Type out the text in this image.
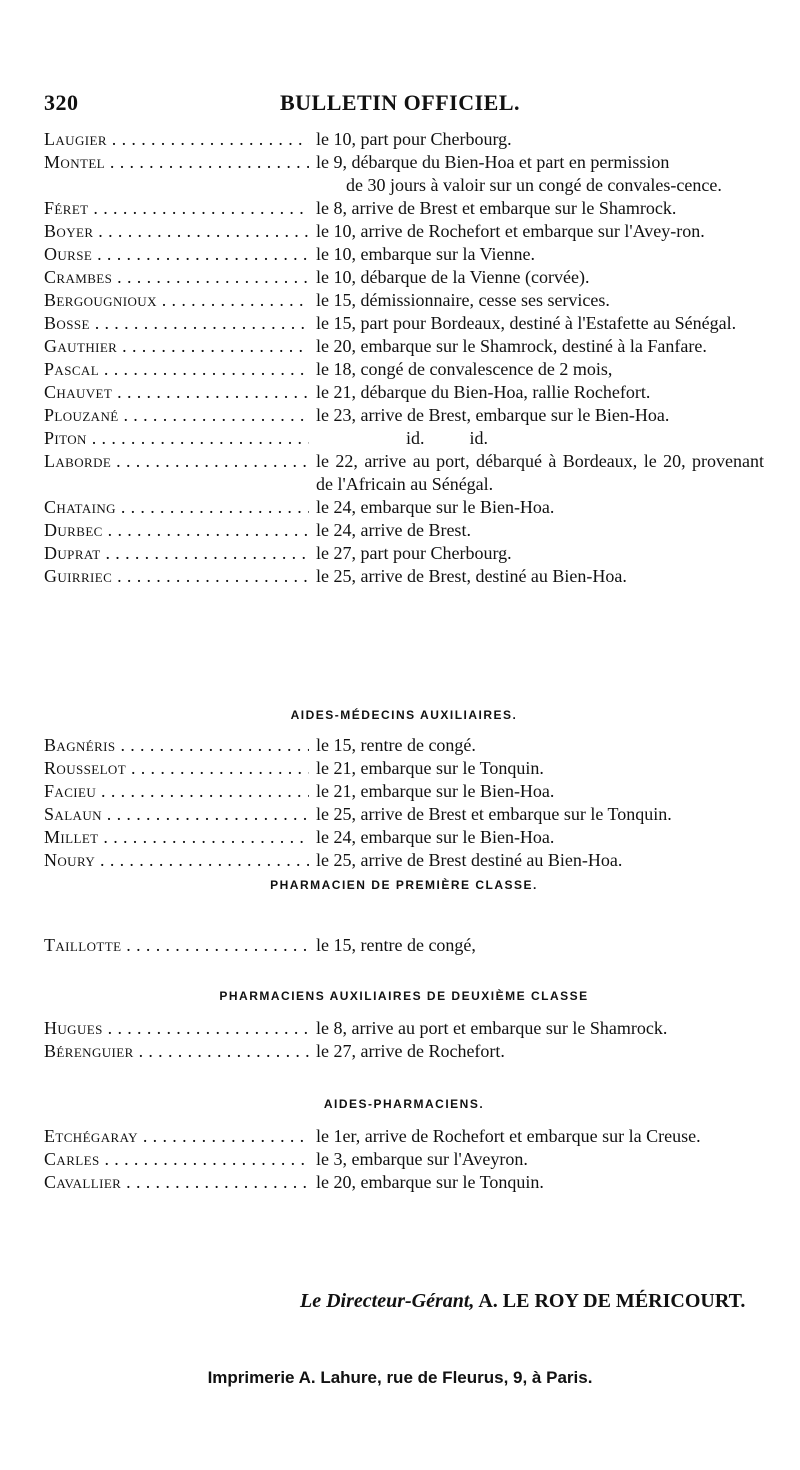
320	BULLETIN OFFICIEL.
Laugier . . .	le 10, part pour Cherbourg.
Montel . . .	le 9, débarque du Bien-Hoa et part en permission
de 30 jours à valoir sur un congé de convales-cence.
Féret . . .	le 8, arrive de Brest et embarque sur le Shamrock.
Boyer . . .	le 10, arrive de Rochefort et embarque sur l'Avey-ron.
Ourse . . .	le 10, embarque sur la Vienne.
Crambes . . .	le 10, débarque de la Vienne (corvée).
Bergougnioux . . .	le 15, démissionnaire, cesse ses services.
Bosse . . .	le 15, part pour Bordeaux, destiné à l'Estafette au Sénégal.
Gauthier . . .	le 20, embarque sur le Shamrock, destiné à la Fanfare.
Pascal . . .	le 18, congé de convalescence de 2 mois,
Chauvet . . .	le 21, débarque du Bien-Hoa, rallie Rochefort.
Plouzané . . .	le 23, arrive de Brest, embarque sur le Bien-Hoa.
Piton . . .	id.          id.
Laborde . . .	le 22, arrive au port, débarqué à Bordeaux, le 20, provenant de l'Africain au Sénégal.
Chataing . . .	le 24, embarque sur le Bien-Hoa.
Durbec . . .	le 24, arrive de Brest.
Duprat . . .	le 27, part pour Cherbourg.
Guirriec . . .	le 25, arrive de Brest, destiné au Bien-Hoa.
AIDES-MÉDECINS AUXILIAIRES.
Bagnéris . . .	le 15, rentre de congé.
Rousselot . . .	le 21, embarque sur le Tonquin.
Facieu . . .	le 21, embarque sur le Bien-Hoa.
Salaun . . .	le 25, arrive de Brest et embarque sur le Tonquin.
Millet . . .	le 24, embarque sur le Bien-Hoa.
Noury . . .	le 25, arrive de Brest destiné au Bien-Hoa.
PHARMACIEN DE PREMIÈRE CLASSE.
Taillotte . . .	le 15, rentre de congé,
PHARMACIENS AUXILIAIRES DE DEUXIÈME CLASSE
Hugues . . .	le 8, arrive au port et embarque sur le Shamrock.
Bérenguier . . .	le 27, arrive de Rochefort.
AIDES-PHARMACIENS.
Etchégaray . . .	le 1er, arrive de Rochefort et embarque sur la Creuse.
Carles . . .	le 3, embarque sur l'Aveyron.
Cavallier . . .	le 20, embarque sur le Tonquin.
Le Directeur-Gérant, A. LE ROY DE MÉRICOURT.
Imprimerie A. Lahure, rue de Fleurus, 9, à Paris.
